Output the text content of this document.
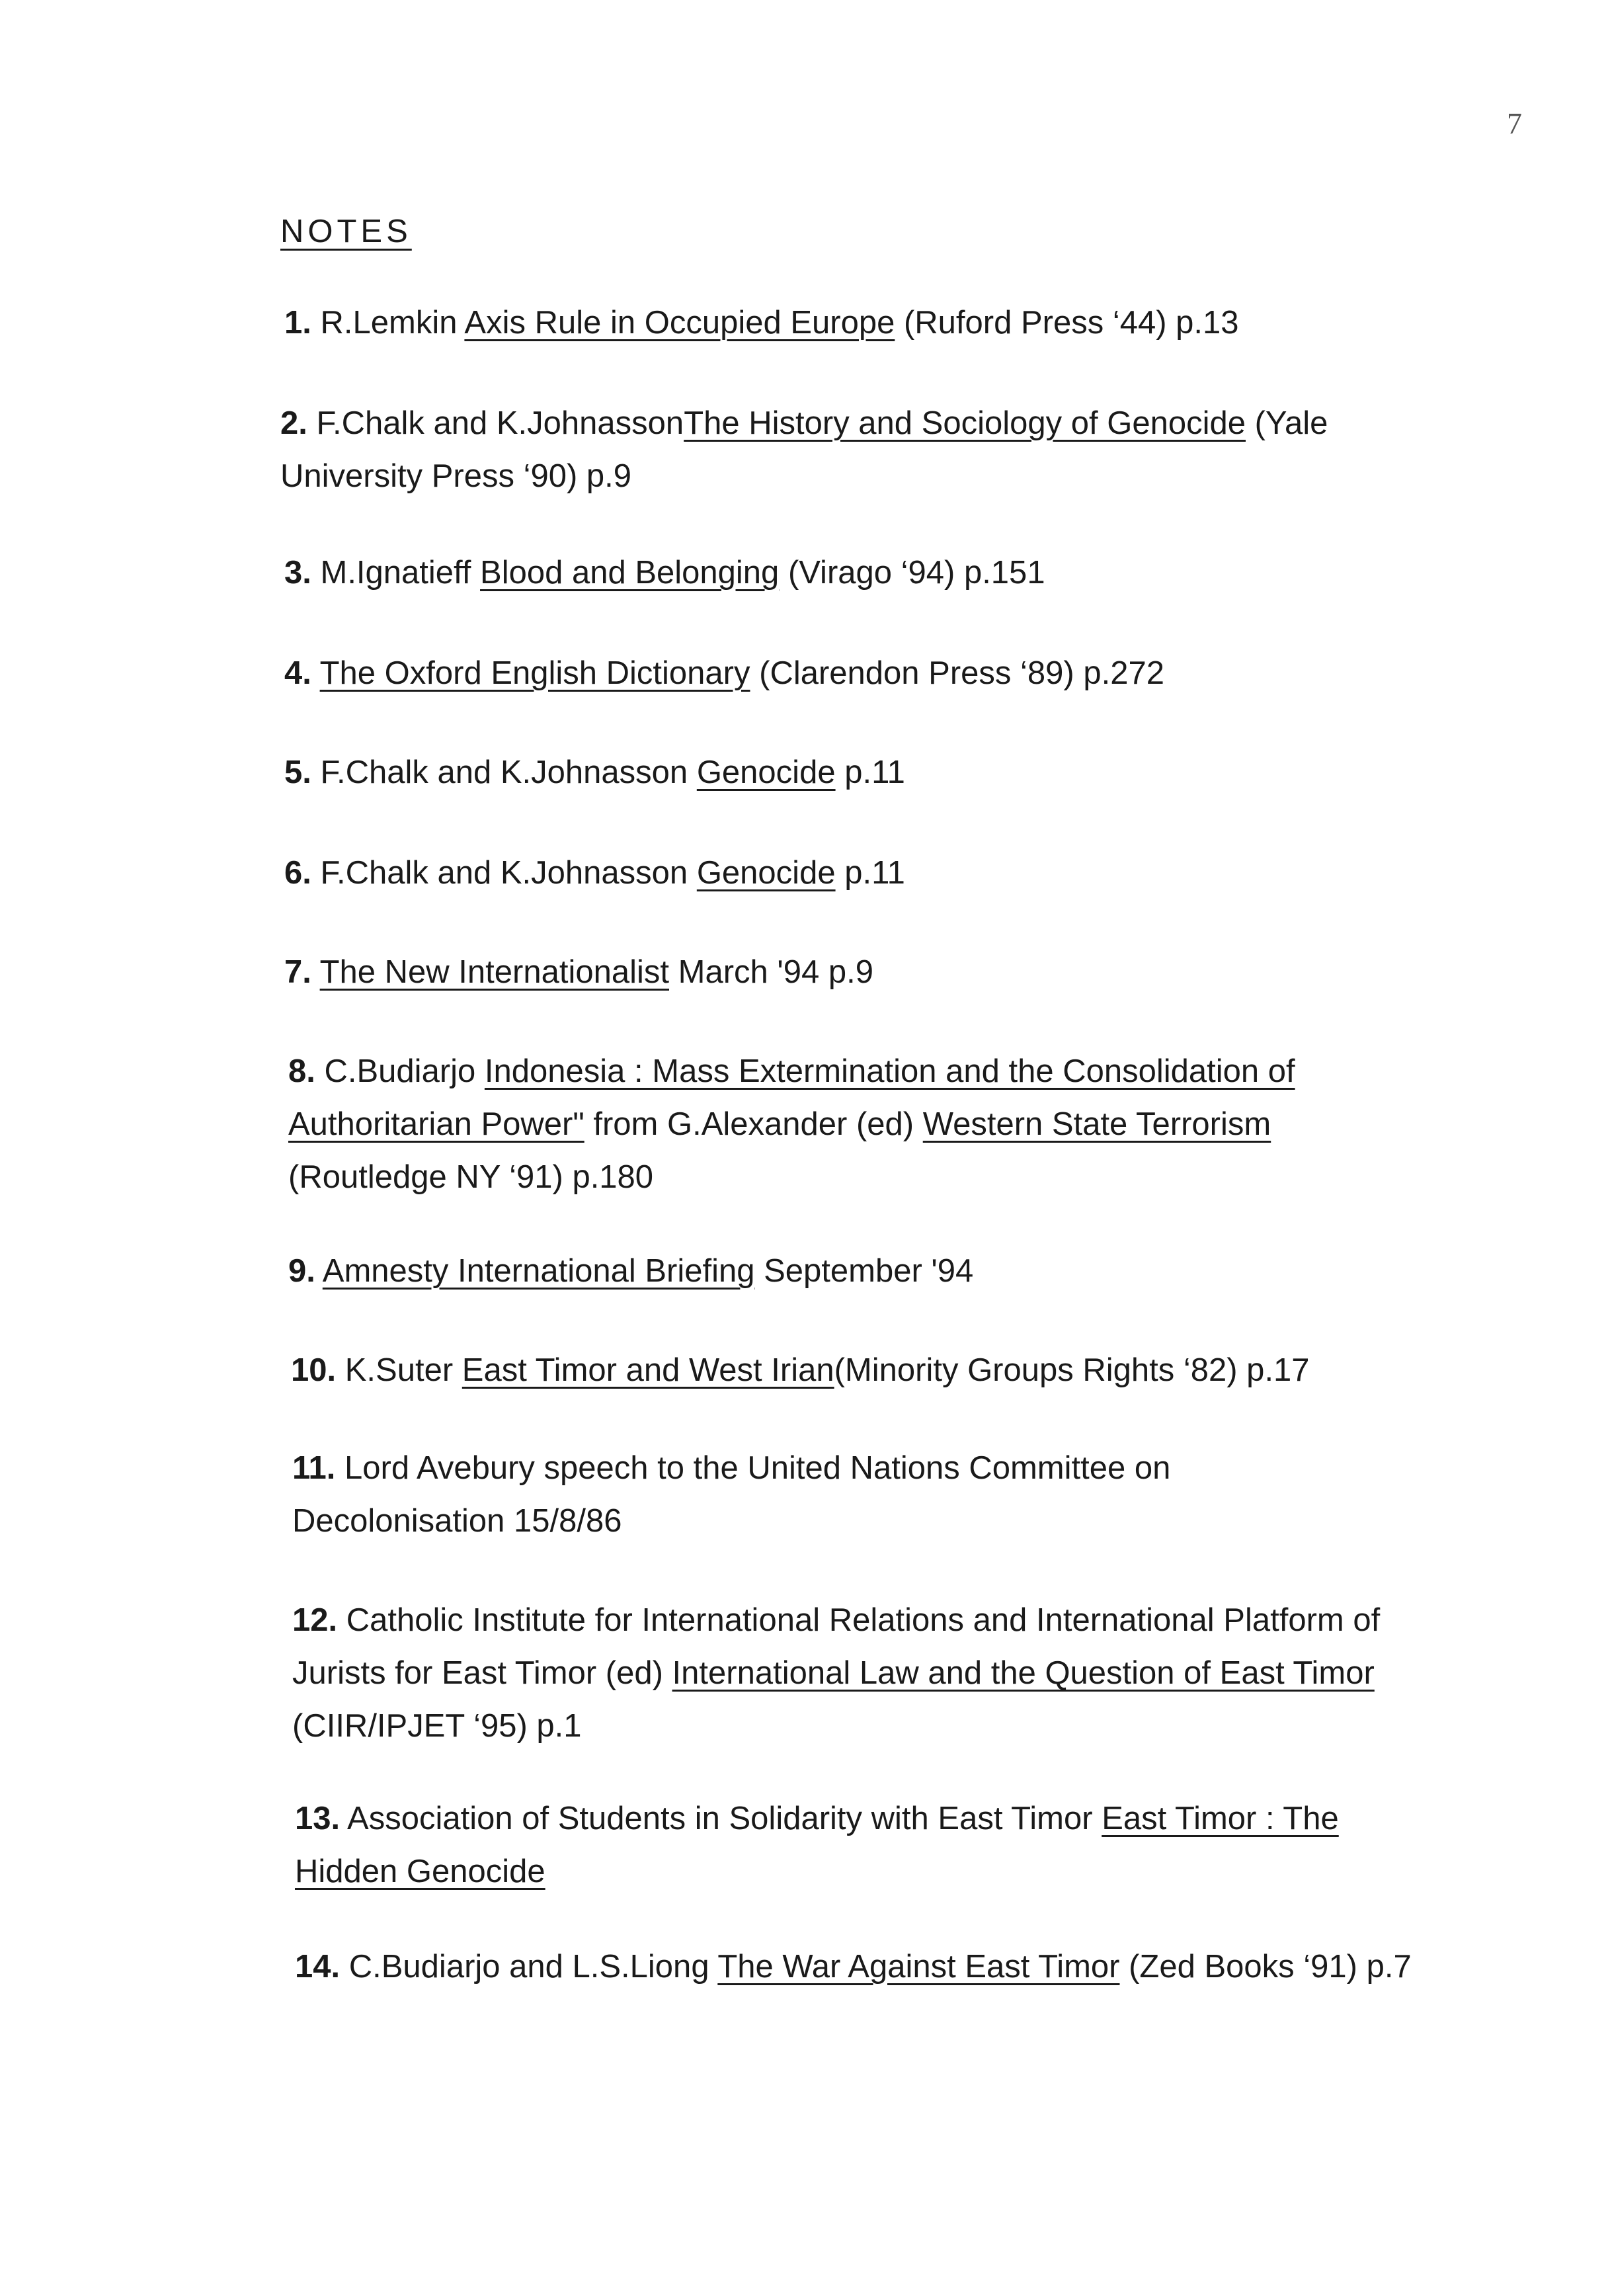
7
NOTES
1. R.Lemkin Axis Rule in Occupied Europe (Ruford Press ‘44) p.13
2. F.Chalk and K.JohnassonThe History and Sociology of Genocide (Yale University Press ‘90) p.9
3. M.Ignatieff Blood and Belonging (Virago ‘94) p.151
4. The Oxford English Dictionary (Clarendon Press ‘89) p.272
5. F.Chalk and K.Johnasson Genocide p.11
6. F.Chalk and K.Johnasson Genocide p.11
7. The New Internationalist March '94 p.9
8. C.Budiarjo Indonesia : Mass Extermination and the Consolidation of Authoritarian Power" from G.Alexander (ed) Western State Terrorism (Routledge NY ‘91) p.180
9. Amnesty International Briefing September '94
10. K.Suter East Timor and West Irian(Minority Groups Rights ‘82) p.17
11. Lord Avebury speech to the United Nations Committee on Decolonisation 15/8/86
12. Catholic Institute for International Relations and International Platform of Jurists for East Timor (ed) International Law and the Question of East Timor (CIIR/IPJET ‘95) p.1
13. Association of Students in Solidarity with East Timor East Timor : The Hidden Genocide
14. C.Budiarjo and L.S.Liong The War Against East Timor (Zed Books ‘91) p.7
